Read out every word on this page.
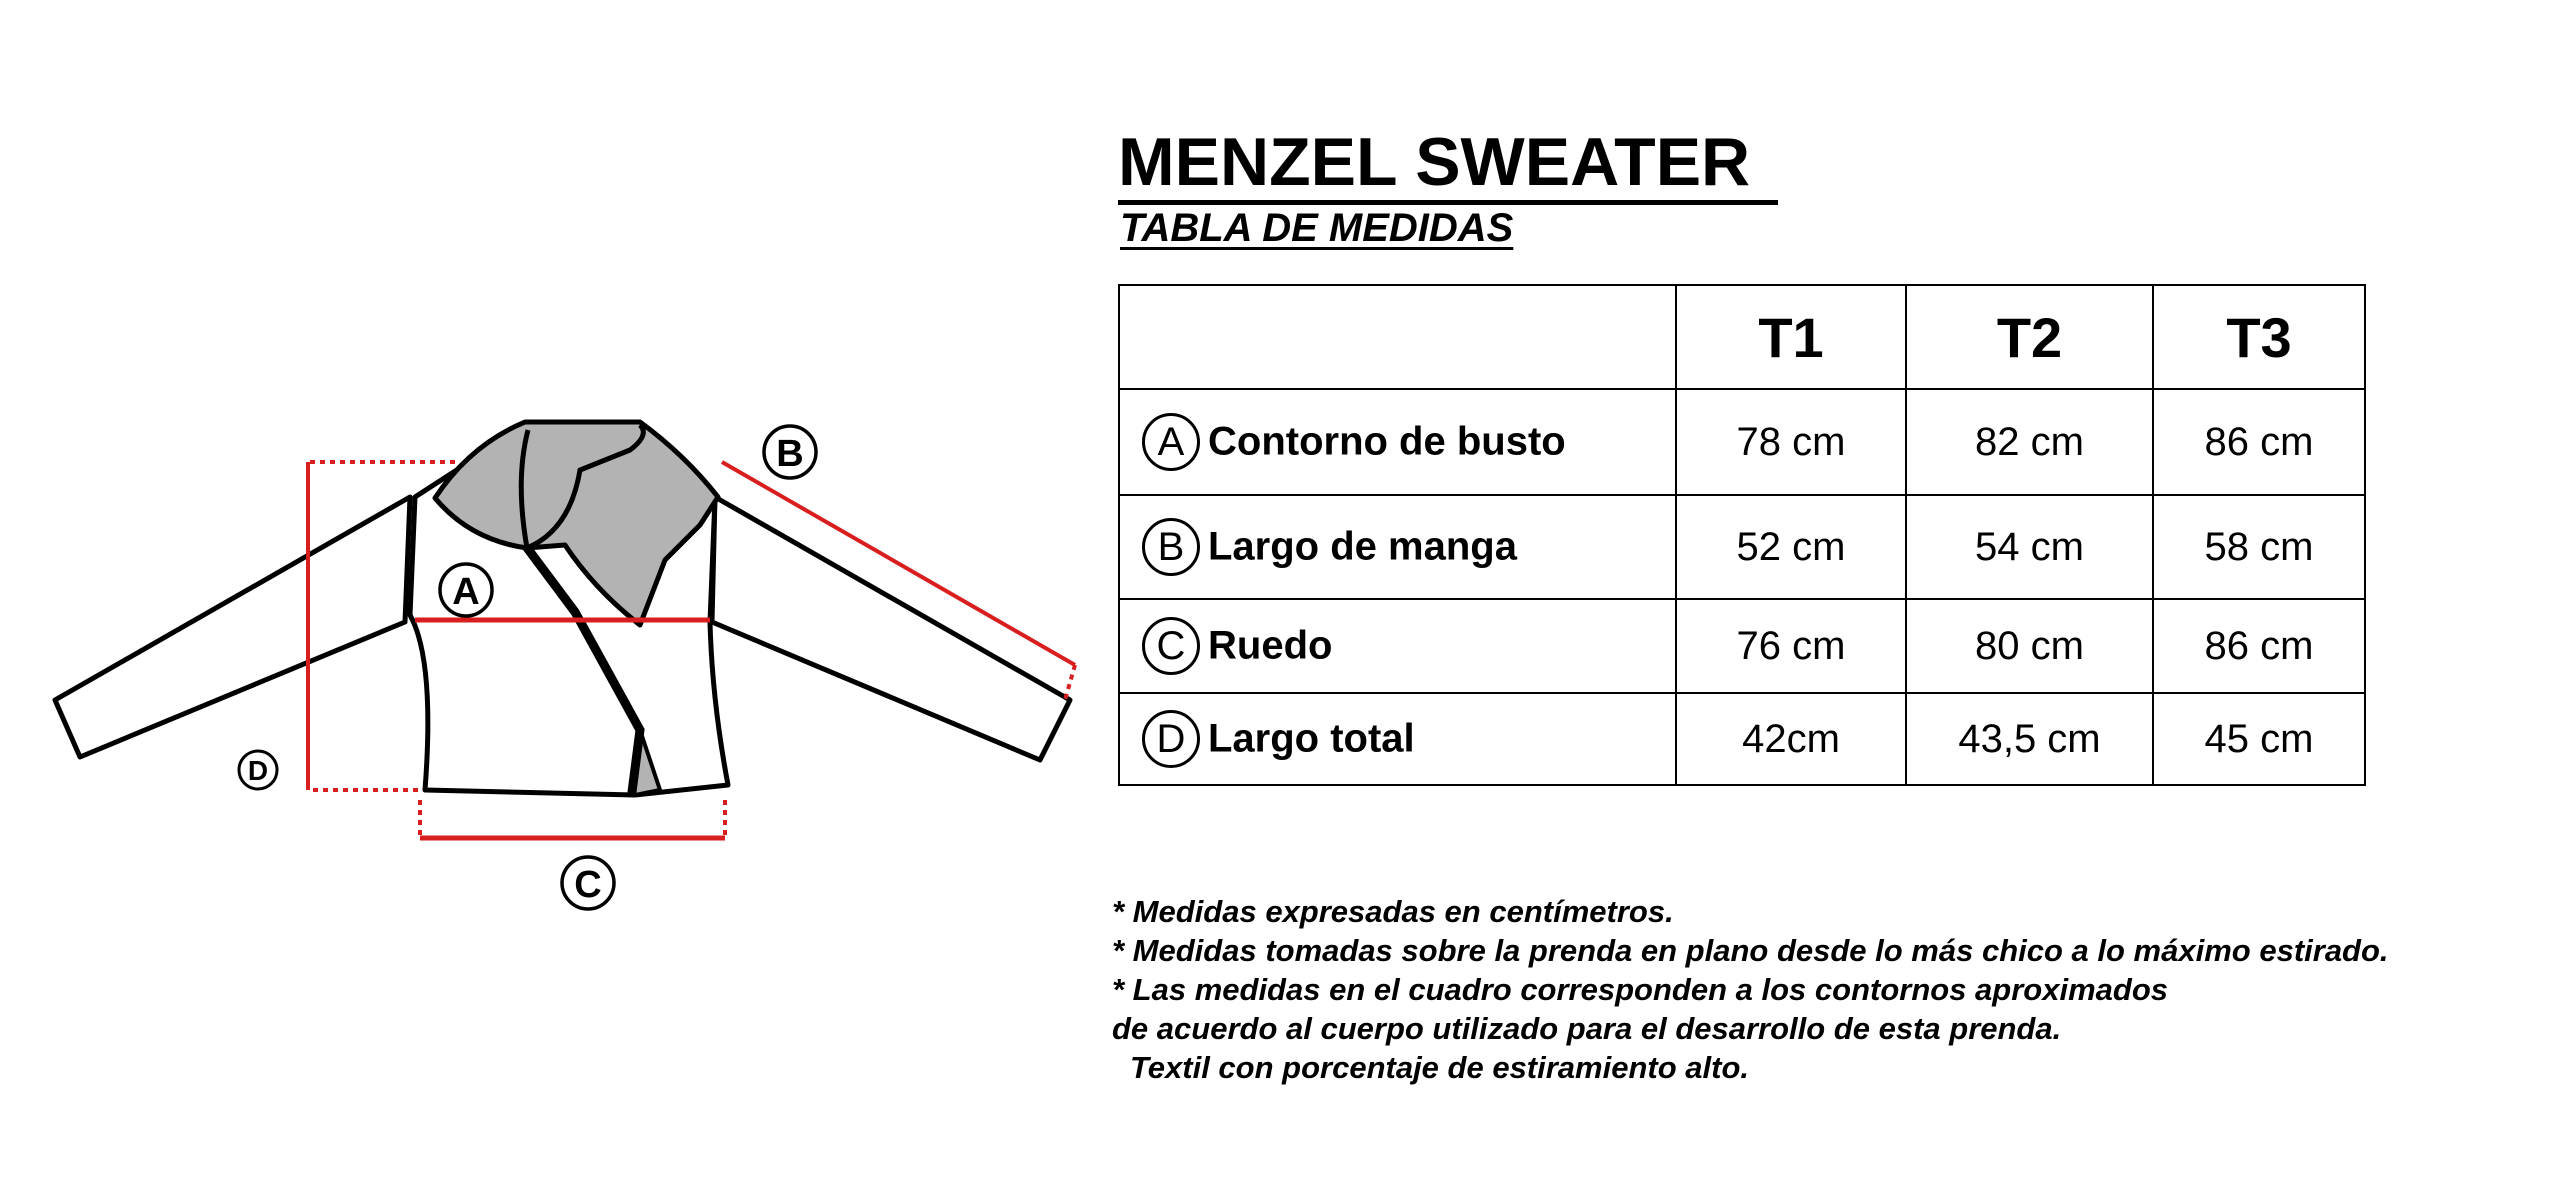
A
B
C
D
MENZEL SWEATER
TABLA DE MEDIDAS
	T1	T2	T3
A Contorno de busto	78 cm	82 cm	86 cm
B Largo de manga	52 cm	54 cm	58 cm
C Ruedo	76 cm	80 cm	86 cm
D Largo total	42cm	43,5 cm	45 cm
* Medidas expresadas en centímetros.
* Medidas tomadas sobre la prenda en plano desde lo más chico a lo máximo estirado.
* Las medidas en el cuadro corresponden a los contornos aproximados
de acuerdo al cuerpo utilizado para el desarrollo de esta prenda.
Textil con porcentaje de estiramiento alto.
